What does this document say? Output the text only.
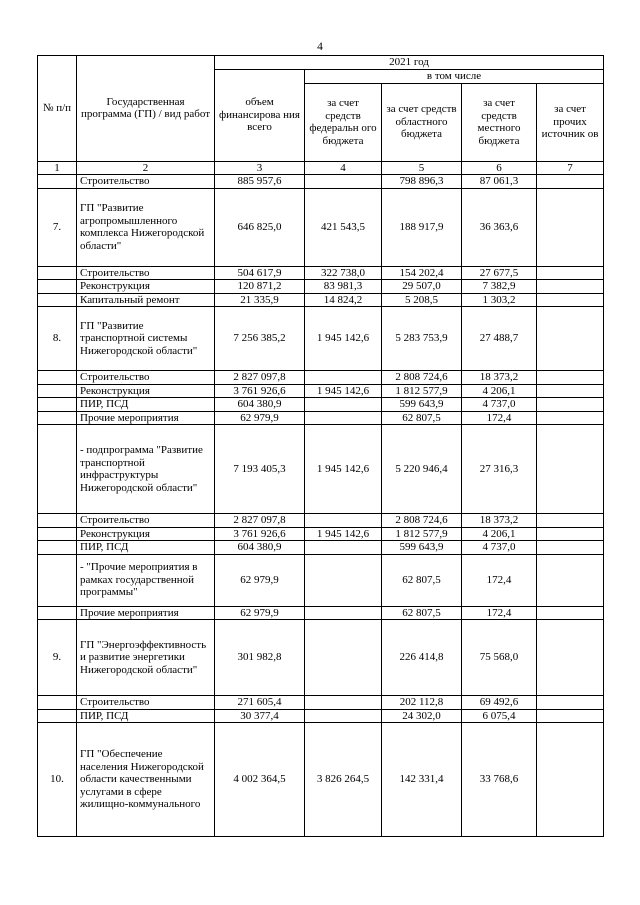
4
№ п/п	Государственная программа (ГП) / вид работ	2021 год				
		объем финансирова ния всего	в том числе			
			за счет средств федеральн ого бюджета	за счет средств областного бюджета	за счет средств местного бюджета	за счет прочих источник ов
1	2	3	4	5	6	7
	Строительство	885 957,6		798 896,3	87 061,3	
7.	ГП "Развитие агропромышленного комплекса Нижегородской области"	646 825,0	421 543,5	188 917,9	36 363,6	
	Строительство	504 617,9	322 738,0	154 202,4	27 677,5	
	Реконструкция	120 871,2	83 981,3	29 507,0	7 382,9	
	Капитальный ремонт	21 335,9	14 824,2	5 208,5	1 303,2	
8.	ГП "Развитие транспортной системы Нижегородской области"	7 256 385,2	1 945 142,6	5 283 753,9	27 488,7	
	Строительство	2 827 097,8		2 808 724,6	18 373,2	
	Реконструкция	3 761 926,6	1 945 142,6	1 812 577,9	4 206,1	
	ПИР, ПСД	604 380,9		599 643,9	4 737,0	
	Прочие мероприятия	62 979,9		62 807,5	172,4	
	- подпрограмма "Развитие транспортной инфраструктуры Нижегородской области"	7 193 405,3	1 945 142,6	5 220 946,4	27 316,3	
	Строительство	2 827 097,8		2 808 724,6	18 373,2	
	Реконструкция	3 761 926,6	1 945 142,6	1 812 577,9	4 206,1	
	ПИР, ПСД	604 380,9		599 643,9	4 737,0	
	- "Прочие мероприятия в рамках государственной программы"	62 979,9		62 807,5	172,4	
	Прочие мероприятия	62 979,9		62 807,5	172,4	
9.	ГП "Энергоэффективность и развитие энергетики Нижегородской области"	301 982,8		226 414,8	75 568,0	
	Строительство	271 605,4		202 112,8	69 492,6	
	ПИР, ПСД	30 377,4		24 302,0	6 075,4	
10.	ГП "Обеспечение населения Нижегородской области качественными услугами в сфере жилищно-коммунального	4 002 364,5	3 826 264,5	142 331,4	33 768,6	
